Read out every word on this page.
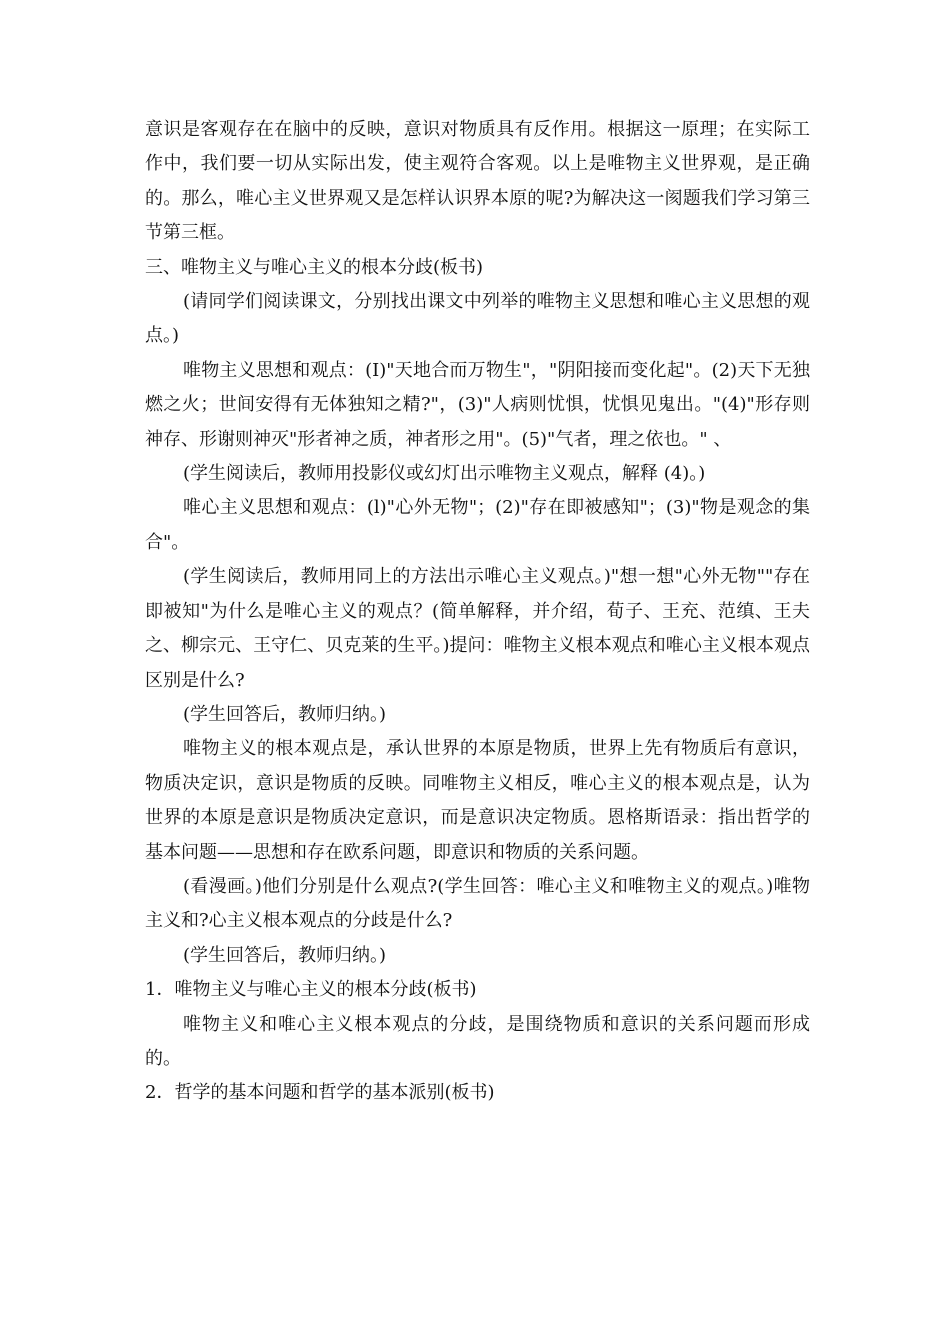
意识是客观存在在脑中的反映，意识对物质具有反作用。根据这一原理；在实际工作中，我们要一切从实际出发，使主观符合客观。以上是唯物主义世界观，是正确的。那么，唯心主义世界观又是怎样认识界本原的呢?为解决这一阂题我们学习第三节第三框。

三、唯物主义与唯心主义的根本分歧(板书)

(请同学们阅读课文，分别找出课文中列举的唯物主义思想和唯心主义思想的观点。)

唯物主义思想和观点：(I)"天地合而万物生"，"阴阳接而变化起"。(2)天下无独燃之火；世间安得有无体独知之精?"，(3)"人病则忧惧，忧惧见鬼出。"(4)"形存则神存、形谢则神灭"形者神之质，神者形之用"。(5)"气者，理之依也。" 、

(学生阅读后，教师用投影仪或幻灯出示唯物主义观点，解释 (4)。)

唯心主义思想和观点：(l)"心外无物"；(2)"存在即被感知"；(3)"物是观念的集合"。

(学生阅读后，教师用同上的方法出示唯心主义观点。)"想一想"心外无物""存在即被知"为什么是唯心主义的观点？(简单解释，并介绍，荀子、王充、范缜、王夫之、柳宗元、王守仁、贝克莱的生平。)提问：唯物主义根本观点和唯心主义根本观点区别是什么?

(学生回答后，教师归纳。)

唯物主义的根本观点是，承认世界的本原是物质，世界上先有物质后有意识，物质决定识，意识是物质的反映。同唯物主义相反，唯心主义的根本观点是，认为世界的本原是意识是物质决定意识，而是意识决定物质。恩格斯语录：指出哲学的基本问题——思想和存在欧系问题，即意识和物质的关系问题。

(看漫画。)他们分别是什么观点?(学生回答：唯心主义和唯物主义的观点。)唯物主义和?心主义根本观点的分歧是什么?

(学生回答后，教师归纳。)

1．唯物主义与唯心主义的根本分歧(板书)

唯物主义和唯心主义根本观点的分歧，是围绕物质和意识的关系问题而形成的。

2．哲学的基本问题和哲学的基本派别(板书)
